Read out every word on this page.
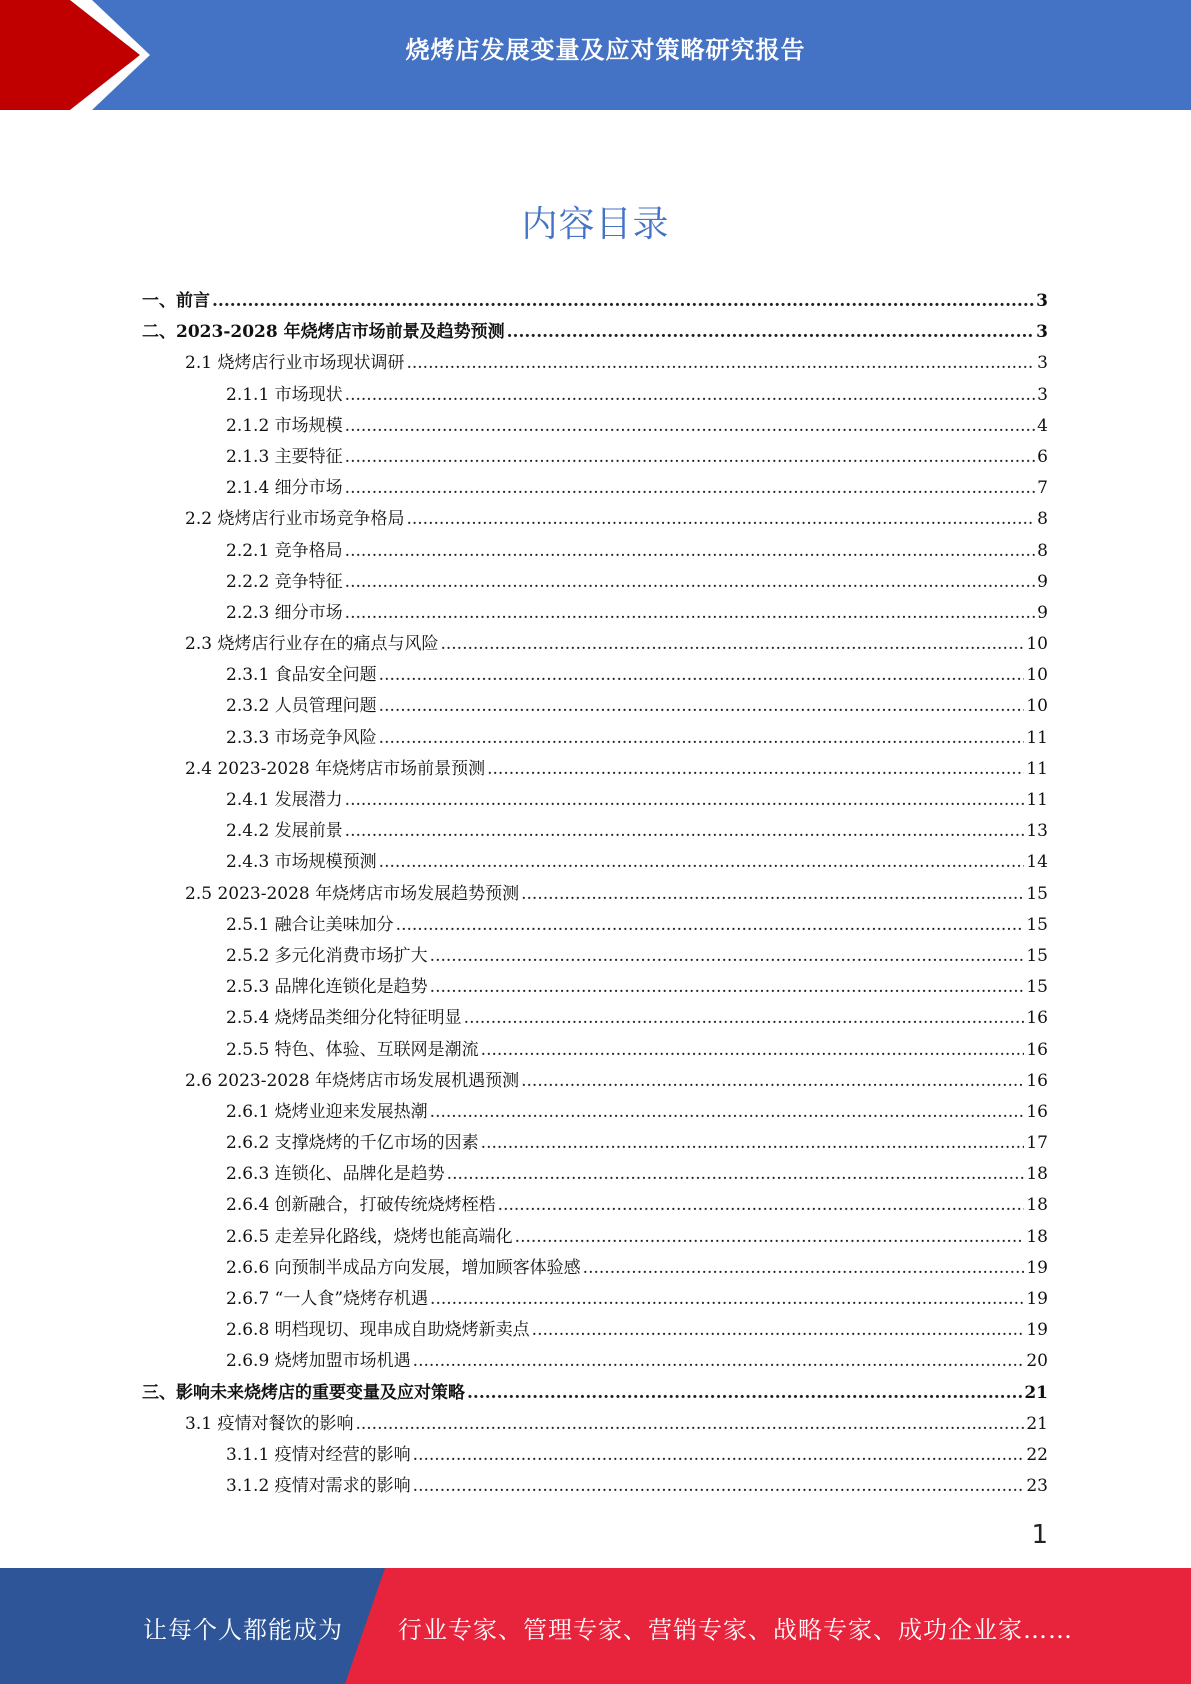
烧烤店发展变量及应对策略研究报告
内容目录
一、前言 .....	3
二、2023-2028 年烧烤店市场前景及趋势预测 .....	3
2.1 烧烤店行业市场现状调研 .....	3
2.1.1 市场现状 .....	3
2.1.2 市场规模 .....	4
2.1.3 主要特征 .....	6
2.1.4 细分市场 .....	7
2.2 烧烤店行业市场竞争格局 .....	8
2.2.1 竞争格局 .....	8
2.2.2 竞争特征 .....	9
2.2.3 细分市场 .....	9
2.3 烧烤店行业存在的痛点与风险 .....	10
2.3.1 食品安全问题 .....	10
2.3.2 人员管理问题 .....	10
2.3.3 市场竞争风险 .....	11
2.4 2023-2028 年烧烤店市场前景预测 .....	11
2.4.1 发展潜力 .....	11
2.4.2 发展前景 .....	13
2.4.3 市场规模预测 .....	14
2.5 2023-2028 年烧烤店市场发展趋势预测 .....	15
2.5.1 融合让美味加分 .....	15
2.5.2 多元化消费市场扩大 .....	15
2.5.3 品牌化连锁化是趋势 .....	15
2.5.4 烧烤品类细分化特征明显 .....	16
2.5.5 特色、体验、互联网是潮流 .....	16
2.6 2023-2028 年烧烤店市场发展机遇预测 .....	16
2.6.1 烧烤业迎来发展热潮 .....	16
2.6.2 支撑烧烤的千亿市场的因素 .....	17
2.6.3 连锁化、品牌化是趋势 .....	18
2.6.4 创新融合，打破传统烧烤桎梏 .....	18
2.6.5 走差异化路线，烧烤也能高端化 .....	18
2.6.6 向预制半成品方向发展，增加顾客体验感 .....	19
2.6.7 “一人食”烧烤存机遇 .....	19
2.6.8 明档现切、现串成自助烧烤新卖点 .....	19
2.6.9 烧烤加盟市场机遇 .....	20
三、影响未来烧烤店的重要变量及应对策略 .....	21
3.1 疫情对餐饮的影响 .....	21
3.1.1 疫情对经营的影响 .....	22
3.1.2 疫情对需求的影响 .....	23
1
让每个人都能成为 行业专家、管理专家、营销专家、战略专家、成功企业家……
